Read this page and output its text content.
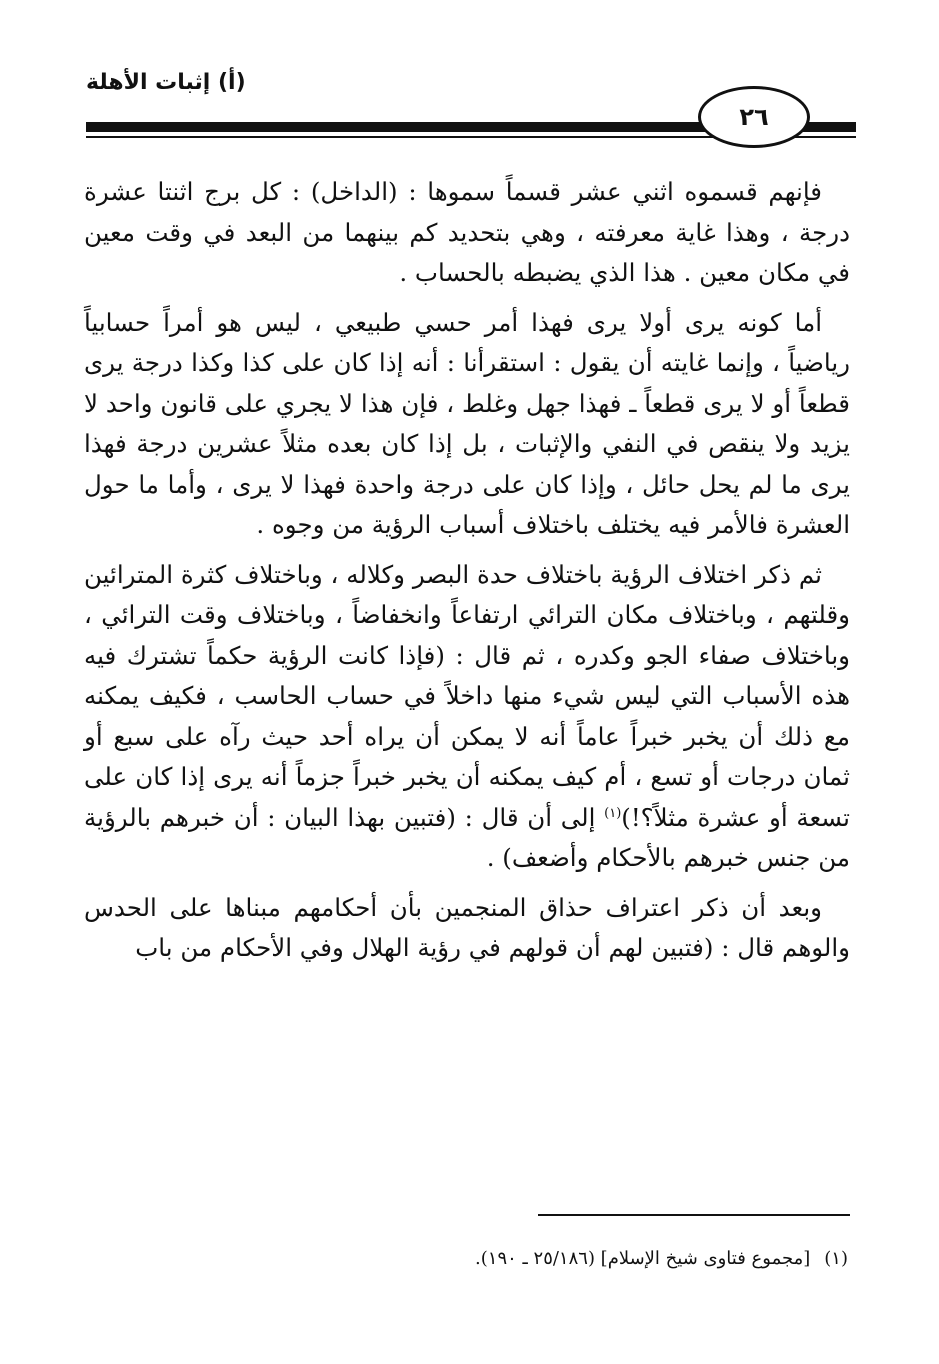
(أ) إثبات الأهلة
٢٦

فإنهم قسموه اثني عشر قسماً سموها : (الداخل) : كل برج اثنتا عشرة درجة ، وهذا غاية معرفته ، وهي بتحديد كم بينهما من البعد في وقت معين في مكان معين . هذا الذي يضبطه بالحساب .

أما كونه يرى أولا يرى فهذا أمر حسي طبيعي ، ليس هو أمراً حسابياً رياضياً ، وإنما غايته أن يقول : استقرأنا : أنه إذا كان على كذا وكذا درجة يرى قطعاً أو لا يرى قطعاً ـ فهذا جهل وغلط ، فإن هذا لا يجري على قانون واحد لا يزيد ولا ينقص في النفي والإثبات ، بل إذا كان بعده مثلاً عشرين درجة فهذا يرى ما لم يحل حائل ، وإذا كان على درجة واحدة فهذا لا يرى ، وأما ما حول العشرة فالأمر فيه يختلف باختلاف أسباب الرؤية من وجوه .

ثم ذكر اختلاف الرؤية باختلاف حدة البصر وكلاله ، وباختلاف كثرة المترائين وقلتهم ، وباختلاف مكان الترائي ارتفاعاً وانخفاضاً ، وباختلاف وقت الترائي ، وباختلاف صفاء الجو وكدره ، ثم قال : (فإذا كانت الرؤية حكماً تشترك فيه هذه الأسباب التي ليس شيء منها داخلاً في حساب الحاسب ، فكيف يمكنه مع ذلك أن يخبر خبراً عاماً أنه لا يمكن أن يراه أحد حيث رآه على سبع أو ثمان درجات أو تسع ، أم كيف يمكنه أن يخبر خبراً جزماً أنه يرى إذا كان على تسعة أو عشرة مثلاً؟!)$^{(١)}$ إلى أن قال : (فتبين بهذا البيان : أن خبرهم بالرؤية من جنس خبرهم بالأحكام وأضعف) .

وبعد أن ذكر اعتراف حذاق المنجمين بأن أحكامهم مبناها على الحدس والوهم قال : (فتبين لهم أن قولهم في رؤية الهلال وفي الأحكام من باب

(١)[مجموع فتاوى شيخ الإسلام] (٢٥/١٨٦ ـ ١٩٠).
